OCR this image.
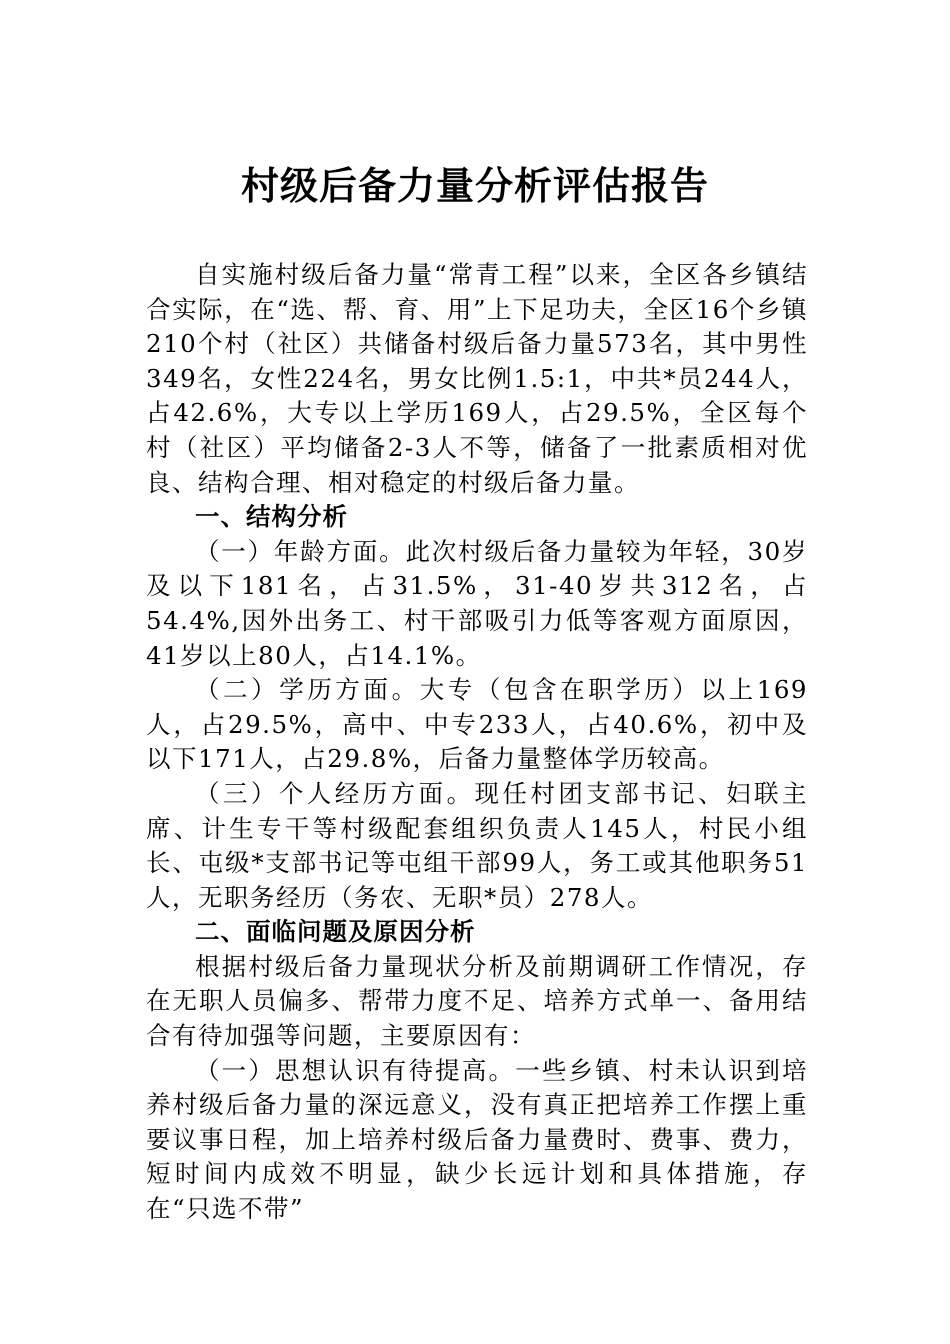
村级后备力量分析评估报告

自实施村级后备力量“常青工程”以来，全区各乡镇结合实际，在“选、帮、育、用”上下足功夫，全区16个乡镇210个村（社区）共储备村级后备力量573名，其中男性349名，女性224名，男女比例1.5:1，中共*员244人，占42.6%，大专以上学历169人，占29.5%，全区每个村（社区）平均储备2-3人不等，储备了一批素质相对优良、结构合理、相对稳定的村级后备力量。

一、结构分析

（一）年龄方面。此次村级后备力量较为年轻，30岁及以下181名，占31.5%，31-40岁共312名，占54.4%,因外出务工、村干部吸引力低等客观方面原因，41岁以上80人，占14.1%。

（二）学历方面。大专（包含在职学历）以上169人，占29.5%，高中、中专233人，占40.6%，初中及以下171人，占29.8%，后备力量整体学历较高。

（三）个人经历方面。现任村团支部书记、妇联主席、计生专干等村级配套组织负责人145人，村民小组长、屯级*支部书记等屯组干部99人，务工或其他职务51人，无职务经历（务农、无职*员）278人。

二、面临问题及原因分析

根据村级后备力量现状分析及前期调研工作情况，存在无职人员偏多、帮带力度不足、培养方式单一、备用结合有待加强等问题，主要原因有：

（一）思想认识有待提高。一些乡镇、村未认识到培养村级后备力量的深远意义，没有真正把培养工作摆上重要议事日程，加上培养村级后备力量费时、费事、费力，短时间内成效不明显，缺少长远计划和具体措施，存在“只选不带”
